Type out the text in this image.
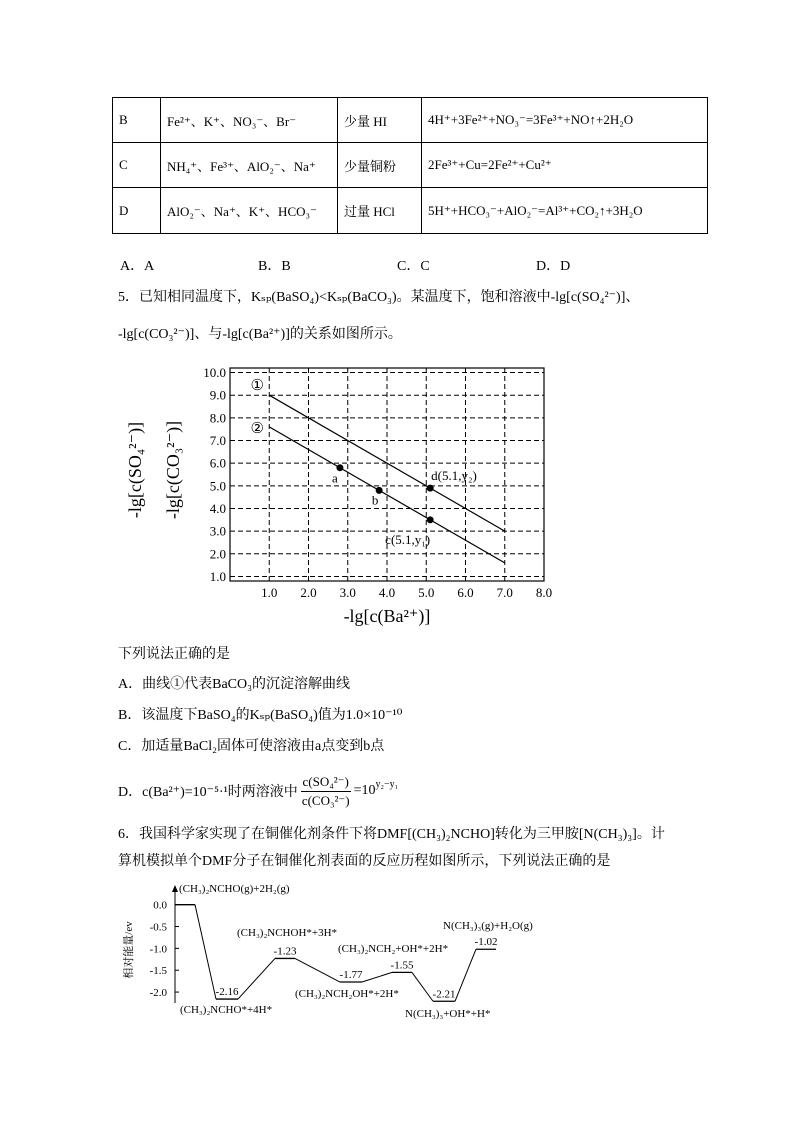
B	Fe²⁺、K⁺、NO₃⁻、Br⁻	少量 HI	4H⁺+3Fe²⁺+NO₃⁻=3Fe³⁺+NO↑+2H₂O
C	NH₄⁺、Fe³⁺、AlO₂⁻、Na⁺	少量铜粉	2Fe³⁺+Cu=2Fe²⁺+Cu²⁺
D	AlO₂⁻、Na⁺、K⁺、HCO₃⁻	过量 HCl	5H⁺+HCO₃⁻+AlO₂⁻=Al³⁺+CO₂↑+3H₂O
A．A	B．B	C．C	D．D
5．已知相同温度下，Kₛₚ(BaSO₄)<Kₛₚ(BaCO₃)。某温度下，饱和溶液中-lg[c(SO₄²⁻)]、
-lg[c(CO₃²⁻)]、与-lg[c(Ba²⁺)]的关系如图所示。
1.0 2.0 3.0 4.0 5.0 6.0 7.0 8.0
1.0
2.0
3.0
4.0
5.0
6.0
7.0
8.0
9.0
10.0
①
②
a
b
d(5.1,y₂)
c(5.1,y₁)
-lg[c(Ba²⁺)]
-lg[c(SO₄²⁻)] -lg[c(CO₃²⁻)]
下列说法正确的是
A．曲线①代表BaCO₃的沉淀溶解曲线
B．该温度下BaSO₄的Kₛₚ(BaSO₄)值为1.0×10⁻¹⁰
C．加适量BaCl₂固体可使溶液由a点变到b点
D．c(Ba²⁺)=10⁻⁵·¹时两溶液中 $\frac{\text{c(SO₄²⁻)}}{\text{c(CO₃²⁻)}} =10$ y₂−y₁
6．我国科学家实现了在铜催化剂条件下将DMF[(CH₃)₂NCHO]转化为三甲胺[N(CH₃)₃]。计
算机模拟单个DMF分子在铜催化剂表面的反应历程如图所示，下列说法正确的是
0.0
-0.5
-1.0
-1.5
-2.0
相对能量/ev
(CH₃)₂NCHO(g)+2H₂(g)
-2.16
(CH₃)₂NCHO*+4H*
-1.23
(CH₃)₂NCHOH*+3H*
-1.77
(CH₃)₂NCH₂OH*+2H*
-1.55
(CH₃)₂NCH₂+OH*+2H*
-2.21
N(CH₃)₃+OH*+H*
-1.02
N(CH₃)₃(g)+H₂O(g)
